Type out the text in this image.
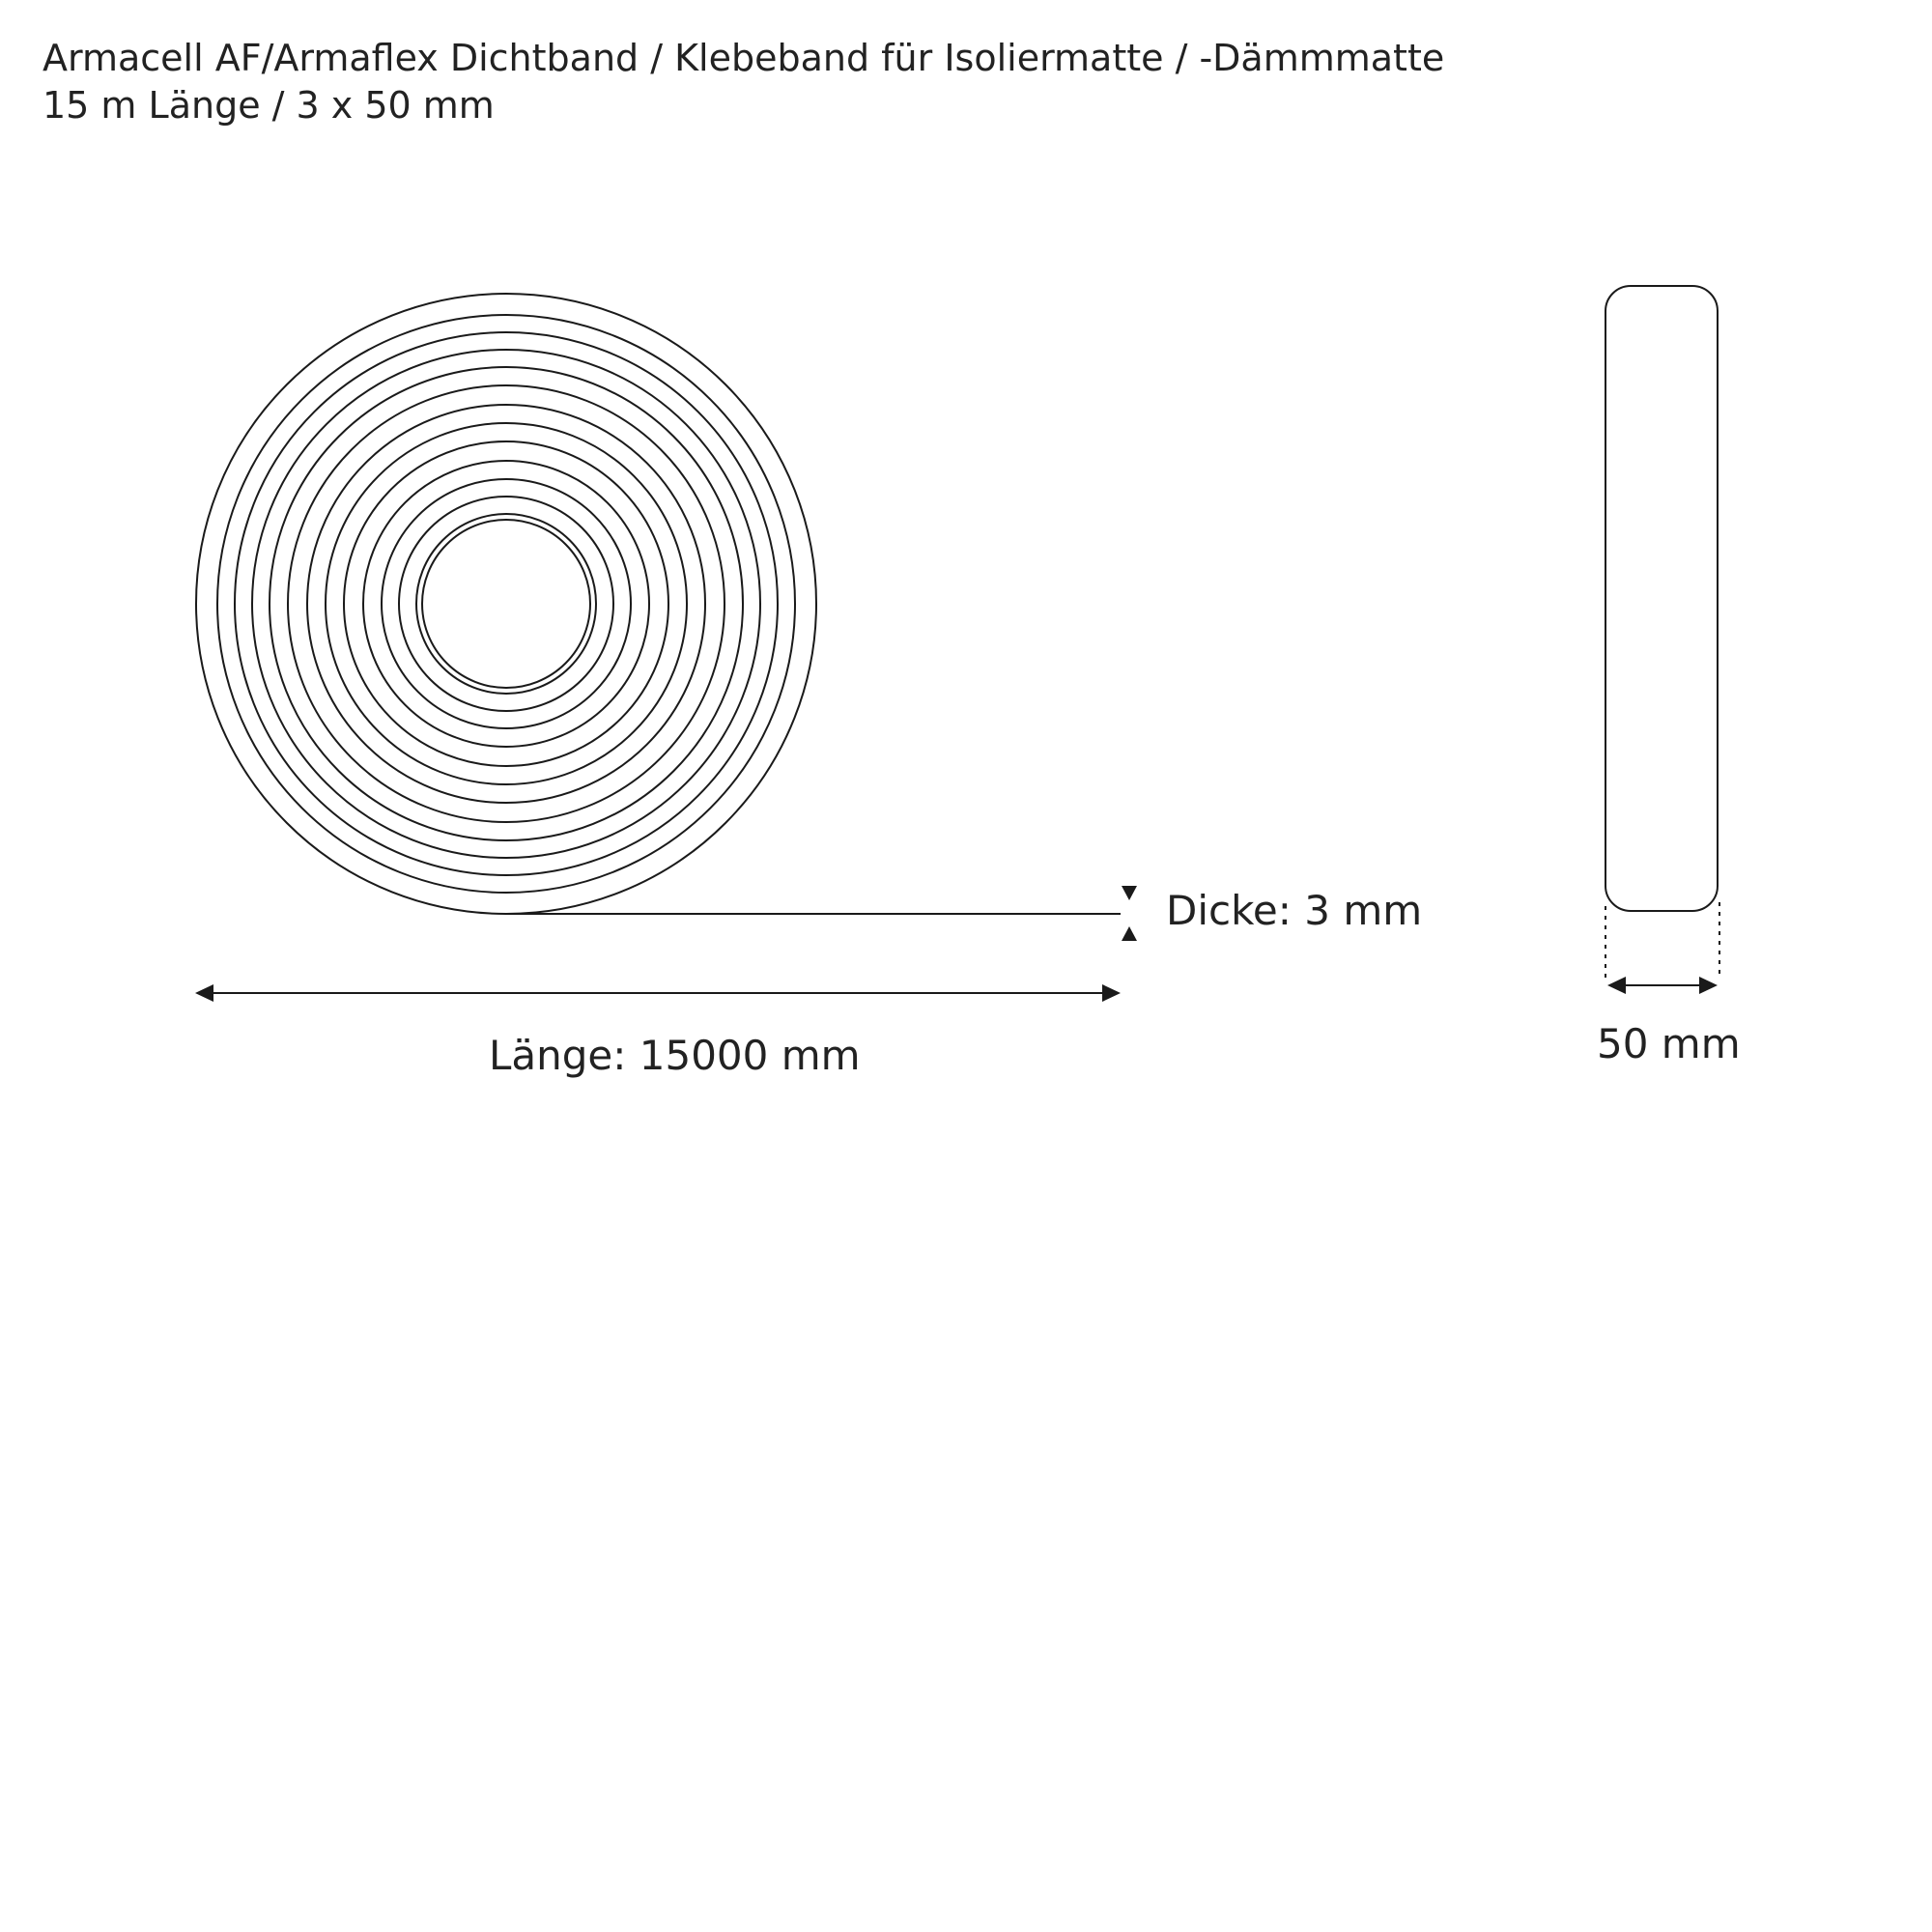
Armacell AF/Armaflex Dichtband / Klebeband für Isoliermatte / -Dämmmatte
15 m Länge / 3 x 50 mm
Dicke: 3 mm
Länge: 15000 mm	50 mm
